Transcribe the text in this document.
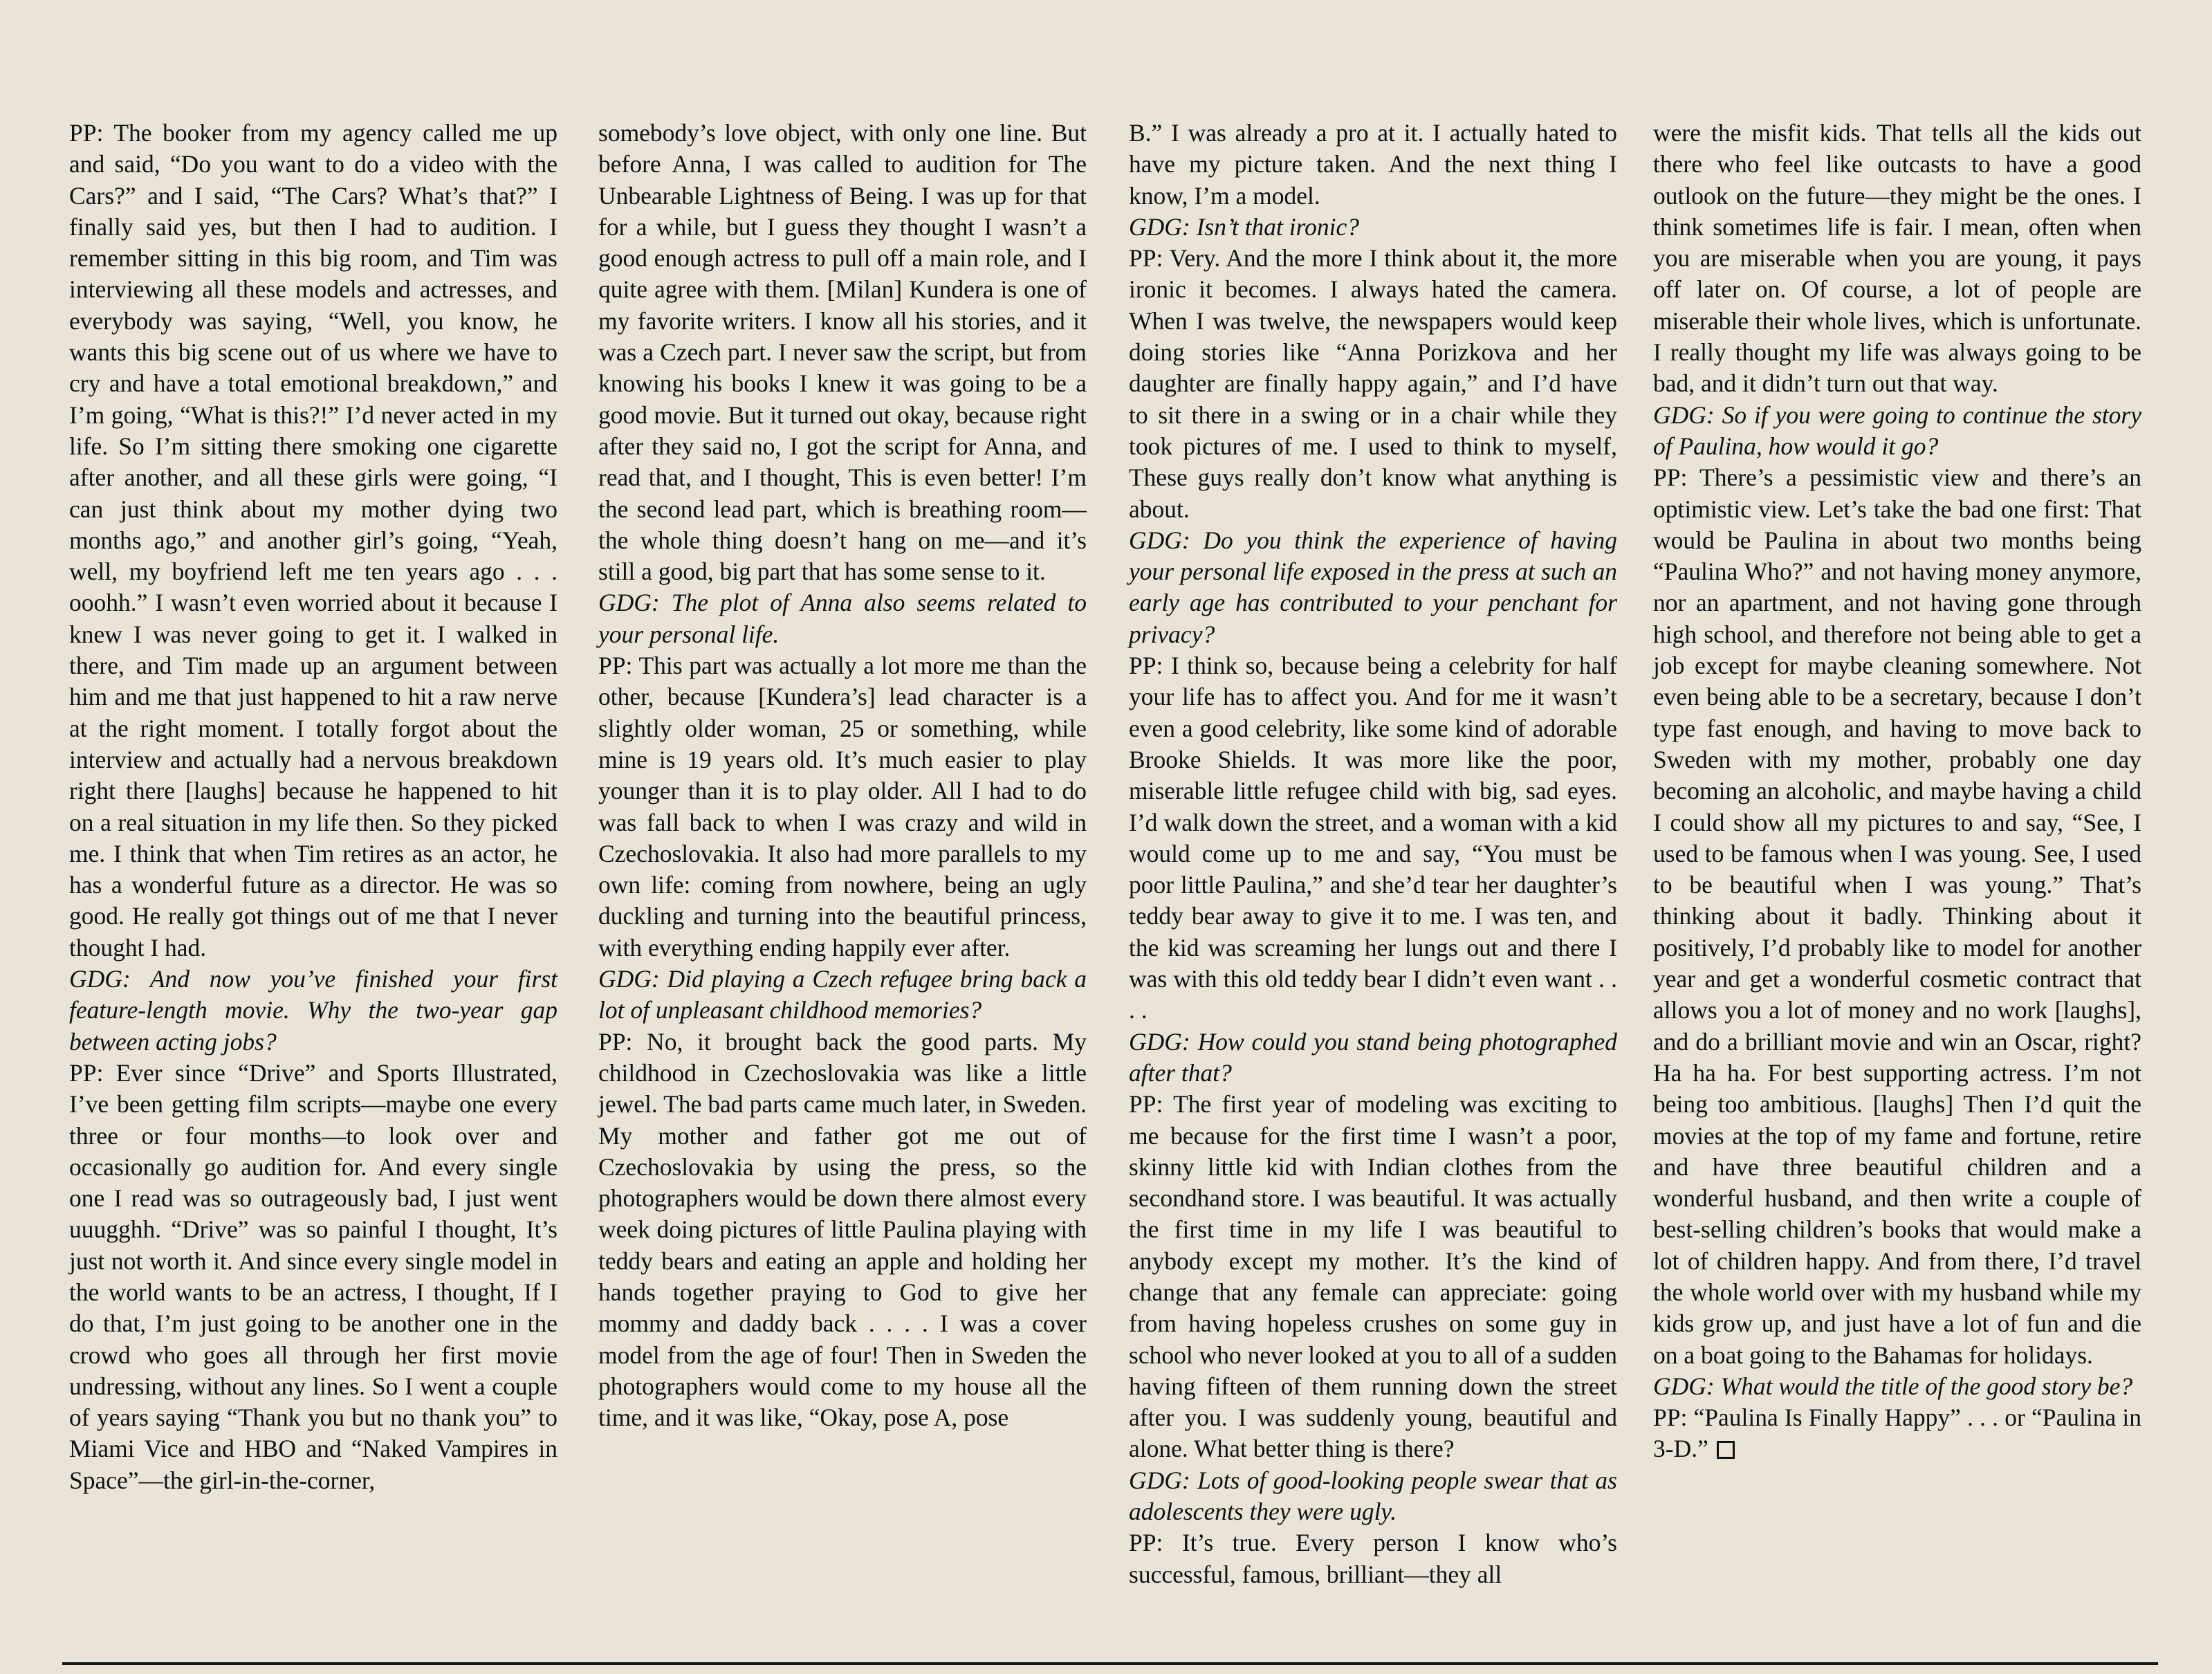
PP: The booker from my agency called me up and said, “Do you want to do a video with the Cars?” and I said, “The Cars? What’s that?” I finally said yes, but then I had to audition. I remember sitting in this big room, and Tim was interviewing all these models and actresses, and everybody was saying, “Well, you know, he wants this big scene out of us where we have to cry and have a total emotional breakdown,” and I’m going, “What is this?!” I’d never acted in my life. So I’m sitting there smoking one cigarette after another, and all these girls were going, “I can just think about my mother dying two months ago,” and another girl’s going, “Yeah, well, my boyfriend left me ten years ago . . . ooohh.” I wasn’t even worried about it because I knew I was never going to get it. I walked in there, and Tim made up an argument between him and me that just happened to hit a raw nerve at the right moment. I totally forgot about the interview and actually had a nervous breakdown right there [laughs] because he happened to hit on a real situation in my life then. So they picked me. I think that when Tim retires as an actor, he has a wonderful future as a director. He was so good. He really got things out of me that I never thought I had.

GDG: And now you’ve finished your first feature-length movie. Why the two-year gap between acting jobs?

PP: Ever since “Drive” and Sports Illustrated, I’ve been getting film scripts—maybe one every three or four months—to look over and occasionally go audition for. And every single one I read was so outrageously bad, I just went uuugghh. “Drive” was so painful I thought, It’s just not worth it. And since every single model in the world wants to be an actress, I thought, If I do that, I’m just going to be another one in the crowd who goes all through her first movie undressing, without any lines. So I went a couple of years saying “Thank you but no thank you” to Miami Vice and HBO and “Naked Vampires in Space”—the girl-in-the-corner,

somebody’s love object, with only one line. But before Anna, I was called to audition for The Unbearable Lightness of Being. I was up for that for a while, but I guess they thought I wasn’t a good enough actress to pull off a main role, and I quite agree with them. [Milan] Kundera is one of my favorite writers. I know all his stories, and it was a Czech part. I never saw the script, but from knowing his books I knew it was going to be a good movie. But it turned out okay, because right after they said no, I got the script for Anna, and read that, and I thought, This is even better! I’m the second lead part, which is breathing room—the whole thing doesn’t hang on me—and it’s still a good, big part that has some sense to it.

GDG: The plot of Anna also seems related to your personal life.

PP: This part was actually a lot more me than the other, because [Kundera’s] lead character is a slightly older woman, 25 or something, while mine is 19 years old. It’s much easier to play younger than it is to play older. All I had to do was fall back to when I was crazy and wild in Czechoslovakia. It also had more parallels to my own life: coming from nowhere, being an ugly duckling and turning into the beautiful princess, with everything ending happily ever after.

GDG: Did playing a Czech refugee bring back a lot of unpleasant childhood memories?

PP: No, it brought back the good parts. My childhood in Czechoslovakia was like a little jewel. The bad parts came much later, in Sweden. My mother and father got me out of Czechoslovakia by using the press, so the photographers would be down there almost every week doing pictures of little Paulina playing with teddy bears and eating an apple and holding her hands together praying to God to give her mommy and daddy back . . . . I was a cover model from the age of four! Then in Sweden the photographers would come to my house all the time, and it was like, “Okay, pose A, pose

B.” I was already a pro at it. I actually hated to have my picture taken. And the next thing I know, I’m a model.

GDG: Isn’t that ironic?

PP: Very. And the more I think about it, the more ironic it becomes. I always hated the camera. When I was twelve, the newspapers would keep doing stories like “Anna Porizkova and her daughter are finally happy again,” and I’d have to sit there in a swing or in a chair while they took pictures of me. I used to think to myself, These guys really don’t know what anything is about.

GDG: Do you think the experience of having your personal life exposed in the press at such an early age has contributed to your penchant for privacy?

PP: I think so, because being a celebrity for half your life has to affect you. And for me it wasn’t even a good celebrity, like some kind of adorable Brooke Shields. It was more like the poor, miserable little refugee child with big, sad eyes. I’d walk down the street, and a woman with a kid would come up to me and say, “You must be poor little Paulina,” and she’d tear her daughter’s teddy bear away to give it to me. I was ten, and the kid was screaming her lungs out and there I was with this old teddy bear I didn’t even want . . . .

GDG: How could you stand being photographed after that?

PP: The first year of modeling was exciting to me because for the first time I wasn’t a poor, skinny little kid with Indian clothes from the secondhand store. I was beautiful. It was actually the first time in my life I was beautiful to anybody except my mother. It’s the kind of change that any female can appreciate: going from having hopeless crushes on some guy in school who never looked at you to all of a sudden having fifteen of them running down the street after you. I was suddenly young, beautiful and alone. What better thing is there?

GDG: Lots of good-looking people swear that as adolescents they were ugly.

PP: It’s true. Every person I know who’s successful, famous, brilliant—they all

were the misfit kids. That tells all the kids out there who feel like outcasts to have a good outlook on the future—they might be the ones. I think sometimes life is fair. I mean, often when you are miserable when you are young, it pays off later on. Of course, a lot of people are miserable their whole lives, which is unfortunate. I really thought my life was always going to be bad, and it didn’t turn out that way.

GDG: So if you were going to continue the story of Paulina, how would it go?

PP: There’s a pessimistic view and there’s an optimistic view. Let’s take the bad one first: That would be Paulina in about two months being “Paulina Who?” and not having money anymore, nor an apartment, and not having gone through high school, and therefore not being able to get a job except for maybe cleaning somewhere. Not even being able to be a secretary, because I don’t type fast enough, and having to move back to Sweden with my mother, probably one day becoming an alcoholic, and maybe having a child I could show all my pictures to and say, “See, I used to be famous when I was young. See, I used to be beautiful when I was young.” That’s thinking about it badly. Thinking about it positively, I’d probably like to model for another year and get a wonderful cosmetic contract that allows you a lot of money and no work [laughs], and do a brilliant movie and win an Oscar, right? Ha ha ha. For best supporting actress. I’m not being too ambitious. [laughs] Then I’d quit the movies at the top of my fame and fortune, retire and have three beautiful children and a wonderful husband, and then write a couple of best-selling children’s books that would make a lot of children happy. And from there, I’d travel the whole world over with my husband while my kids grow up, and just have a lot of fun and die on a boat going to the Bahamas for holidays.

GDG: What would the title of the good story be?

PP: “Paulina Is Finally Happy” . . . or “Paulina in 3-D.”
